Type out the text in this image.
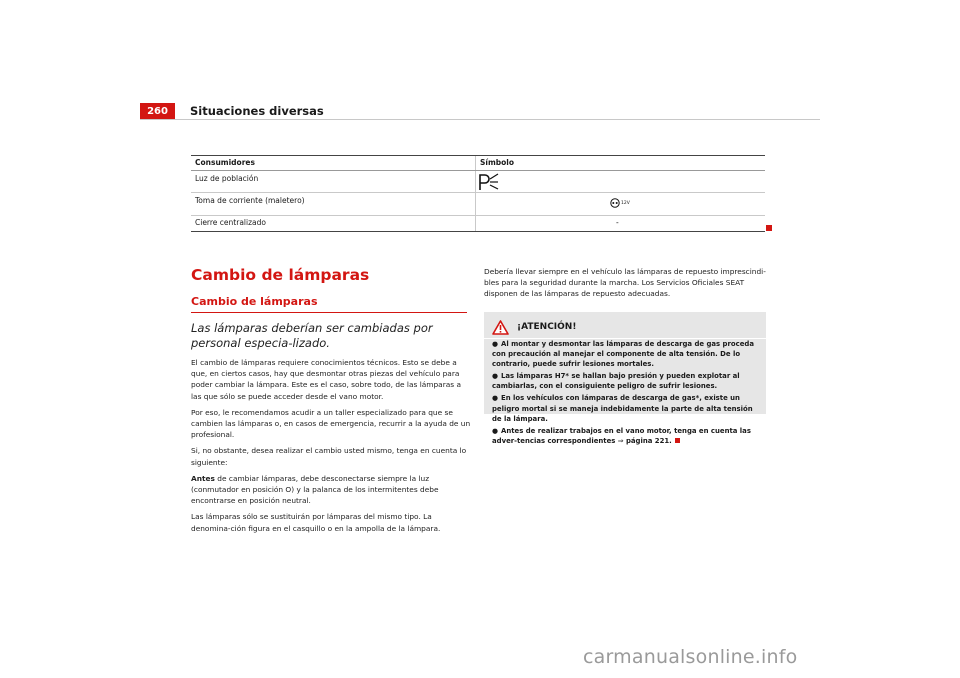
260	Situaciones diversas
Consumidores	Símbolo
Luz de población
Toma de corriente (maletero)	12V
Cierre centralizado	-
Cambio de lámparas
Cambio de lámparas
Las lámparas deberían ser cambiadas por personal especia-lizado.

El cambio de lámparas requiere conocimientos técnicos. Esto se debe a que, en ciertos casos, hay que desmontar otras piezas del vehículo para poder cambiar la lámpara. Este es el caso, sobre todo, de las lámparas a las que sólo se puede acceder desde el vano motor.

Por eso, le recomendamos acudir a un taller especializado para que se cambien las lámparas o, en casos de emergencia, recurrir a la ayuda de un profesional.

Si, no obstante, desea realizar el cambio usted mismo, tenga en cuenta lo siguiente:

Antes de cambiar lámparas, debe desconectarse siempre la luz (conmutador en posición O) y la palanca de los intermitentes debe encontrarse en posición neutral.

Las lámparas sólo se sustituirán por lámparas del mismo tipo. La denomina-ción figura en el casquillo o en la ampolla de la lámpara.

Debería llevar siempre en el vehículo las lámparas de repuesto imprescindi-bles para la seguridad durante la marcha. Los Servicios Oficiales SEAT disponen de las lámparas de repuesto adecuadas.
¡ATENCIÓN!
● Al montar y desmontar las lámparas de descarga de gas proceda con precaución al manejar el componente de alta tensión. De lo contrario, puede sufrir lesiones mortales.
● Las lámparas H7* se hallan bajo presión y pueden explotar al cambiarlas, con el consiguiente peligro de sufrir lesiones.
● En los vehículos con lámparas de descarga de gas*, existe un peligro mortal si se maneja indebidamente la parte de alta tensión de la lámpara.
● Antes de realizar trabajos en el vano motor, tenga en cuenta las adver-tencias correspondientes ⇒ página 221.
carmanualsonline.info
